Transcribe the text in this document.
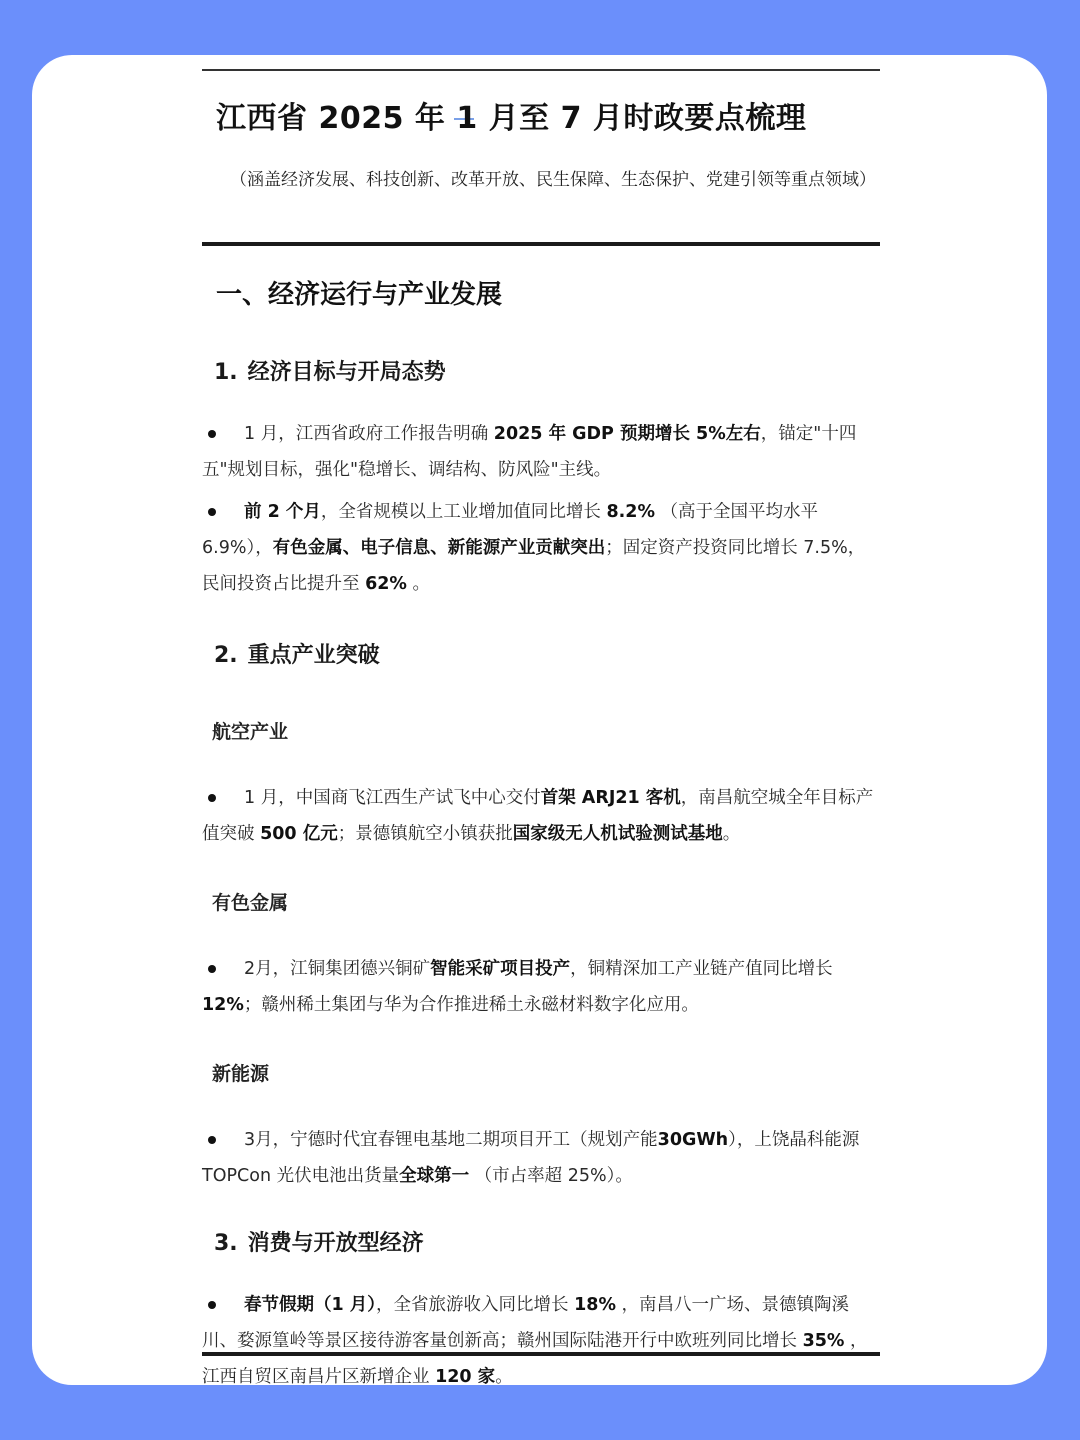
江西省 2025 年 1 月至 7 月时政要点梳理

（涵盖经济发展、科技创新、改革开放、民生保障、生态保护、党建引领等重点领域）

一、经济运行与产业发展
1. 经济目标与开局态势

1 月，江西省政府工作报告明确 2025 年 GDP 预期增长 5%左右，锚定"十四五"规划目标，强化"稳增长、调结构、防风险"主线。

前 2 个月，全省规模以上工业增加值同比增长 8.2% （高于全国平均水平 6.9%），有色金属、电子信息、新能源产业贡献突出；固定资产投资同比增长 7.5%，民间投资占比提升至 62% 。

2. 重点产业突破
航空产业

1 月，中国商飞江西生产试飞中心交付首架 ARJ21 客机，南昌航空城全年目标产值突破 500 亿元；景德镇航空小镇获批国家级无人机试验测试基地。

有色金属

2月，江铜集团德兴铜矿智能采矿项目投产，铜精深加工产业链产值同比增长12%；赣州稀土集团与华为合作推进稀土永磁材料数字化应用。

新能源

3月，宁德时代宜春锂电基地二期项目开工（规划产能30GWh），上饶晶科能源 TOPCon 光伏电池出货量全球第一 （市占率超 25%）。

3. 消费与开放型经济

春节假期（1 月），全省旅游收入同比增长 18% ，南昌八一广场、景德镇陶溪川、婺源篁岭等景区接待游客量创新高；赣州国际陆港开行中欧班列同比增长 35% ，江西自贸区南昌片区新增企业 120 家。
